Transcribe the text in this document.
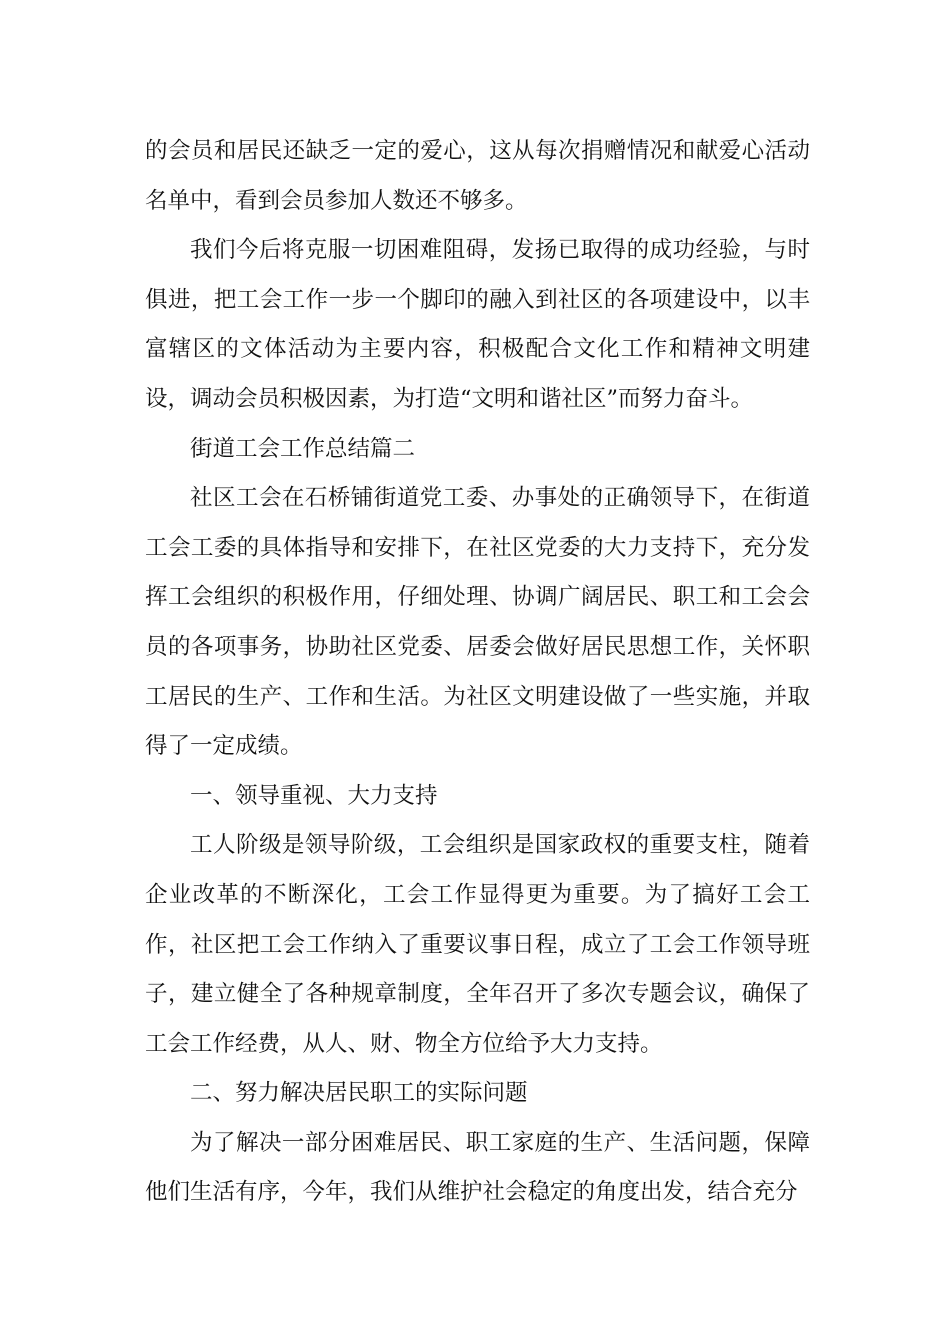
的会员和居民还缺乏一定的爱心，这从每次捐赠情况和献爱心活动名单中，看到会员参加人数还不够多。

我们今后将克服一切困难阻碍，发扬已取得的成功经验，与时俱进，把工会工作一步一个脚印的融入到社区的各项建设中，以丰富辖区的文体活动为主要内容，积极配合文化工作和精神文明建设，调动会员积极因素，为打造“文明和谐社区”而努力奋斗。

街道工会工作总结篇二

社区工会在石桥铺街道党工委、办事处的正确领导下，在街道工会工委的具体指导和安排下，在社区党委的大力支持下，充分发挥工会组织的积极作用，仔细处理、协调广阔居民、职工和工会会员的各项事务，协助社区党委、居委会做好居民思想工作，关怀职工居民的生产、工作和生活。为社区文明建设做了一些实施，并取得了一定成绩。

一、领导重视、大力支持

工人阶级是领导阶级，工会组织是国家政权的重要支柱，随着企业改革的不断深化，工会工作显得更为重要。为了搞好工会工作，社区把工会工作纳入了重要议事日程，成立了工会工作领导班子，建立健全了各种规章制度，全年召开了多次专题会议，确保了工会工作经费，从人、财、物全方位给予大力支持。

二、努力解决居民职工的实际问题

为了解决一部分困难居民、职工家庭的生产、生活问题，保障他们生活有序，今年，我们从维护社会稳定的角度出发，结合充分
